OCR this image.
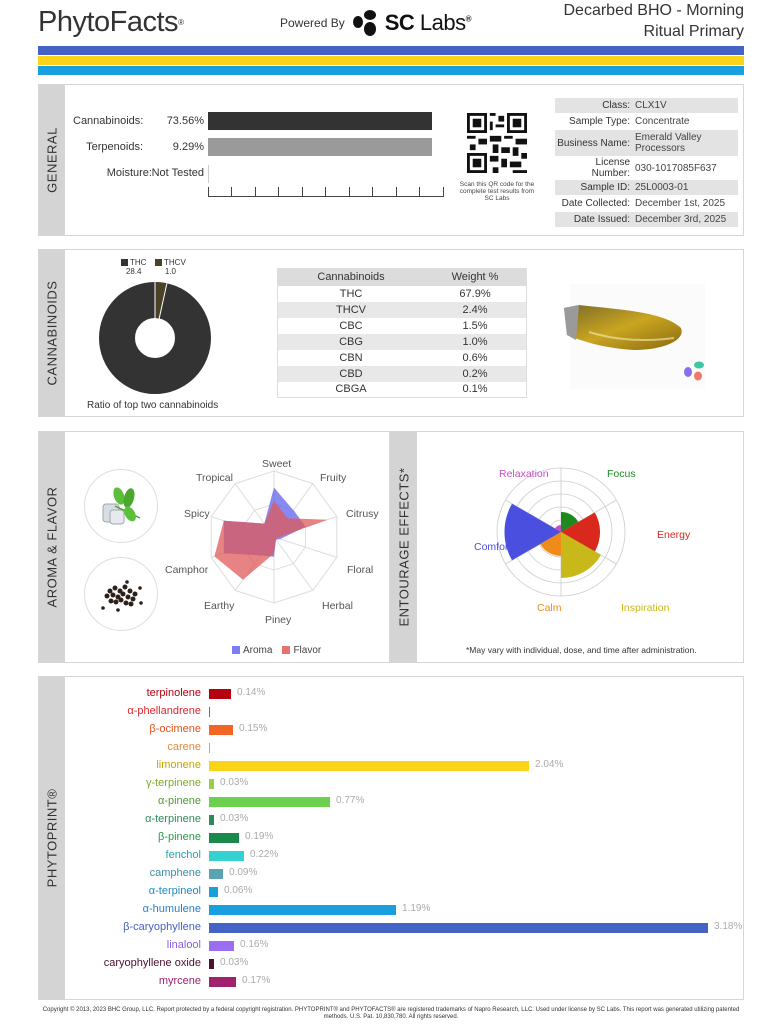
PhytoFacts®	Powered By SC Labs®
Decarbed BHO - Morning
Ritual Primary
GENERAL
Cannabinoids:	73.56%
Terpenoids:	9.29%
Moisture: Not Tested
Scan this QR code for the complete test results from SC Labs
Class: CLX1V
Sample Type: Concentrate
Business Name: Emerald Valley Processors
License Number: 030-1017085F637
Sample ID: 25L0003-01
Date Collected: December 1st, 2025
Date Issued: December 3rd, 2025
CANNABINOIDS
THC
28.4
THCV
1.0
Ratio of top two cannabinoids
Cannabinoids	Weight %
THC	67.9%
THCV	2.4%
CBC	1.5%
CBG	1.0%
CBN	0.6%
CBD	0.2%
CBGA	0.1%
AROMA & FLAVOR
Sweet
Fruity
Citrusy
Floral
Herbal
Piney
Earthy
Camphor
Spicy
Tropical
Aroma	Flavor
ENTOURAGE EFFECTS*	Relaxation	Focus
Energy
Inspiration
Calm
Comfort
*May vary with individual, dose, and time after administration.
PHYTOPRINT®
terpinolene	0.14%
α-phellandrene
β-ocimene	0.15%
carene
limonene	2.04%
γ-terpinene 0.03%
α-pinene	0.77%
α-terpinene 0.03%
β-pinene	0.19%
fenchol	0.22%
camphene	0.09%
α-terpineol 0.06%
α-humulene	1.19%
β-caryophyllene	3.18%
linalool	0.16%
caryophyllene oxide 0.03%
myrcene	0.17%
Copyright © 2013, 2023 BHC Group, LLC. Report protected by a federal copyright registration. PHYTOPRINT® and PHYTOFACTS® are registered trademarks of Napro Research, LLC. Used under license by SC Labs. This report was generated utilizing patented methods. U.S. Pat. 10,830,780. All rights reserved.
